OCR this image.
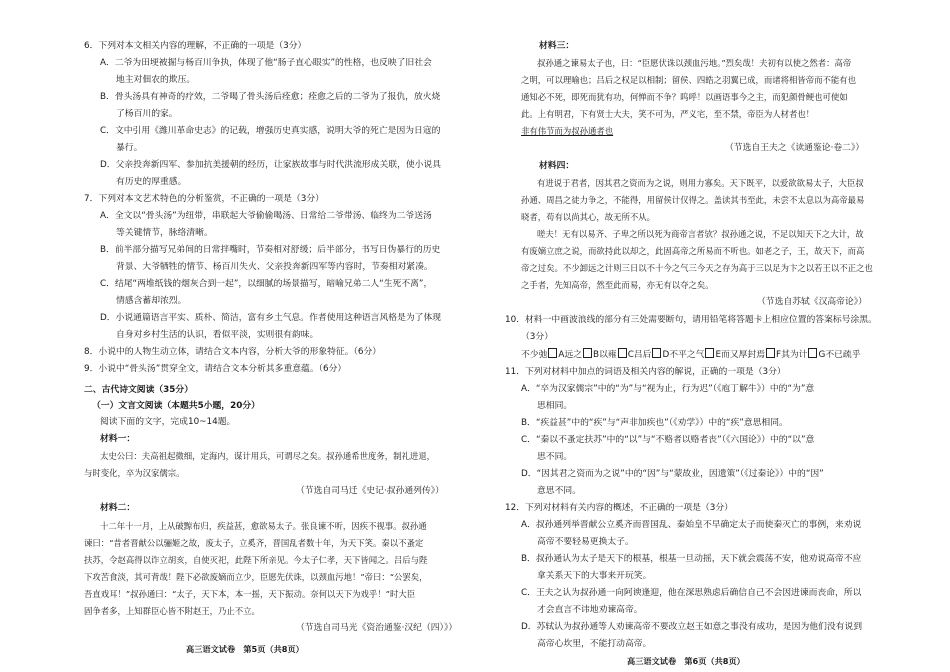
6．下列对本文相关内容的理解，不正确的一项是（3分）
A．二爷为田埂被掘与杨百川争执，体现了他“肠子直心眼实”的性格，也反映了旧社会
地主对佃农的欺压。
B．骨头汤具有神奇的疗效，二爷喝了骨头汤后痊愈；痊愈之后的二爷为了报仇，放火烧
了杨百川的家。
C．文中引用《潍川革命史志》的记载，增强历史真实感，说明大爷的死亡是因为日寇的
暴行。
D．父亲投奔新四军、参加抗美援朝的经历，让家族故事与时代洪流形成关联，使小说具
有历史的厚重感。
7．下列对本文艺术特色的分析鉴赏，不正确的一项是（3分）
A．全文以“骨头汤”为纽带，串联起大爷偷偷喝汤、日常给二爷带汤、临终为二爷送汤
等关键情节，脉络清晰。
B．前半部分描写兄弟间的日常拌嘴时，节奏相对舒缓；后半部分，书写日伪暴行的历史
背景、大爷牺牲的情节、杨百川失火、父亲投奔新四军等内容时，节奏相对紧凑。
C．结尾“两堆纸钱的烟灰合到一起”，以细腻的场景描写，暗喻兄弟二人“生死不离”，
情感含蓄却浓烈。
D．小说通篇语言平实、质朴、简洁，富有乡土气息。作者使用这种语言风格是为了体现
自身对乡村生活的认识，看似平淡，实则很有韵味。
8．小说中的人物生动立体，请结合文本内容，分析大爷的形象特征。（6分）
9．小说中“骨头汤”贯穿全文，请结合文本分析其多重意蕴。（6分）
二、古代诗文阅读（35分）
（一）文言文阅读（本题共5小题，20分）
阅读下面的文字，完成10~14题。
材料一：
太史公曰：夫高祖起微细，定海内，谋计用兵，可谓尽之矣。叔孙通希世度务，制礼进退，
与时变化，卒为汉家儒宗。
（节选自司马迁《史记·叔孙通列传》）
材料二：
十二年十一月，上从破黥布归，疾益甚，愈欲易太子。张良谏不听，因疾不视事。叔孙通
谏曰：“昔者晋献公以骊姬之故，废太子，立奚齐，晋国乱者数十年，为天下笑。秦以不蚤定
扶苏，令赵高得以诈立胡亥，自使灭祀，此陛下所亲见。今太子仁孝，天下皆闻之。吕后与陛
下攻苦食淡，其可背哉！陛下必欲废嫡而立少，臣愿先伏诛，以颈血污地！”帝曰：“公罢矣，
吾直戏耳！”叔孙通曰：“太子，天下本，本一摇，天下振动。奈何以天下为戏乎！”时大臣
固争者多，上知群臣心皆不附赵王，乃止不立。
（节选自司马光《资治通鉴·汉纪（四）》）
高三语文试卷　第5页（共8页）
材料三：
叔孙通之谏易太子也，曰：“臣愿伏诛以颈血污地。”烈矣哉！夫初有以使之然者：高帝
之明，可以理喻也；吕后之权足以相制；留侯、四皓之羽翼已成，而诸将相皆帝而不能有也
通知必不死，即死而犹有功，何惮而不争？呜呼！以画语事今之主，而犯颜骨鲠也可使如
此。上有明君，下有贤士大夫，笑不可为，严义宅，至不禁，帝臣为人材者也！
非有伟节而为叔孙通者也
（节选自王夫之《读通鉴论·卷二》）
材料四：
有进说于君者，因其君之资而为之说，则用力寡矣。天下既平，以爱欲欲易太子，大臣叔
孙通、周昌之徒力争之，不能得，用留侯计仅得之。盖读其书至此，未尝不太息以为高帝最易
晓者，苟有以尚其心，故无所不从。
嗟夫！无有以易齐、子卑之所以死为商帝言者欤？叔孙通之说，不足以知天下之大计，故
有废嫡立庶之说，而欲持此以却之，此固高帝之所易而不听也。如老之子，王，故天下，而高
帝之过矣。不少卸远之计则三日以不十今之气三今天之存为高于三以足为卞之以若王以不正之也
之手者，先知高帝，然至此而易，亦无有以夺之矣。
（节选自苏轼《汉高帝论》）
10．材料一中画波浪线的部分有三处需要断句，请用铅笔将答题卡上相应位置的答案标号涂黑。
（3分）
不少弛 A远之 B以雍 C吕后 D不平之气 E而又厚封焉 F其为计 G不已疏乎
11．下列对材料中加点的词语及相关内容的解说，正确的一项是（3分）
A．“卒为汉家儒宗”中的“为”与“视为止，行为迟”（《庖丁解牛》）中的“为”意
思相同。
B．“疾益甚”中的“疾”与“声非加疾也”（《劝学》）中的“疾”意思相同。
C．“秦以不蚤定扶苏”中的“以”与“不赂者以赂者丧”（《六国论》）中的“以”意
思不同。
D．“因其君之资而为之说”中的“因”与“蒙故业，因遗策”（《过秦论》）中的“因”
意思不同。
12．下列对材料有关内容的概述，不正确的一项是（3分）
A．叔孙通列举晋献公立奚齐而晋国乱、秦始皇不早确定太子而使秦灭亡的事例，来劝说
高帝不要轻易更换太子。
B．叔孙通认为太子是天下的根基，根基一旦动摇，天下就会震荡不安，他劝说高帝不应
拿关系天下的大事来开玩笑。
C．王夫之认为叔孙通一向阿谀逢迎，他在深思熟虑后确信自己不会因进谏而丧命，所以
才会直言不讳地劝谏高帝。
D．苏轼认为叔孙通等人劝谏高帝不要改立赵王如意之事没有成功，是因为他们没有说到
高帝心坎里，不能打动高帝。
高三语文试卷　第6页（共8页）
